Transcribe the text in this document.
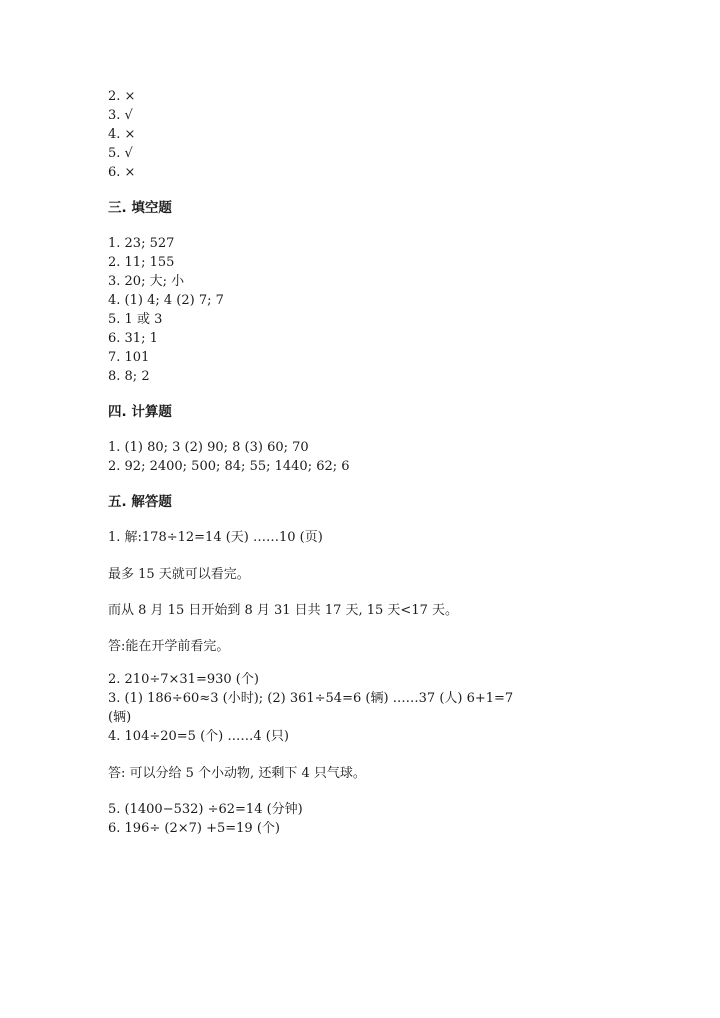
2. ×
3. √
4. ×
5. √
6. ×
三. 填空题
1. 23; 527
2. 11; 155
3. 20; 大; 小
4. (1) 4; 4 (2) 7; 7
5. 1 或 3
6. 31; 1
7. 101
8. 8; 2
四. 计算题
1. (1) 80; 3 (2) 90; 8 (3) 60; 70
2. 92; 2400; 500; 84; 55; 1440; 62; 6
五. 解答题
1. 解:178÷12=14 (天) ……10 (页)
最多 15 天就可以看完。
而从 8 月 15 日开始到 8 月 31 日共 17 天, 15 天<17 天。
答:能在开学前看完。
2. 210÷7×31=930 (个)
3. (1) 186÷60≈3 (小时); (2) 361÷54=6 (辆) ……37 (人) 6+1=7
(辆)
4. 104÷20=5 (个) ……4 (只)
答: 可以分给 5 个小动物, 还剩下 4 只气球。
5. (1400−532) ÷62=14 (分钟)
6. 196÷ (2×7) +5=19 (个)
